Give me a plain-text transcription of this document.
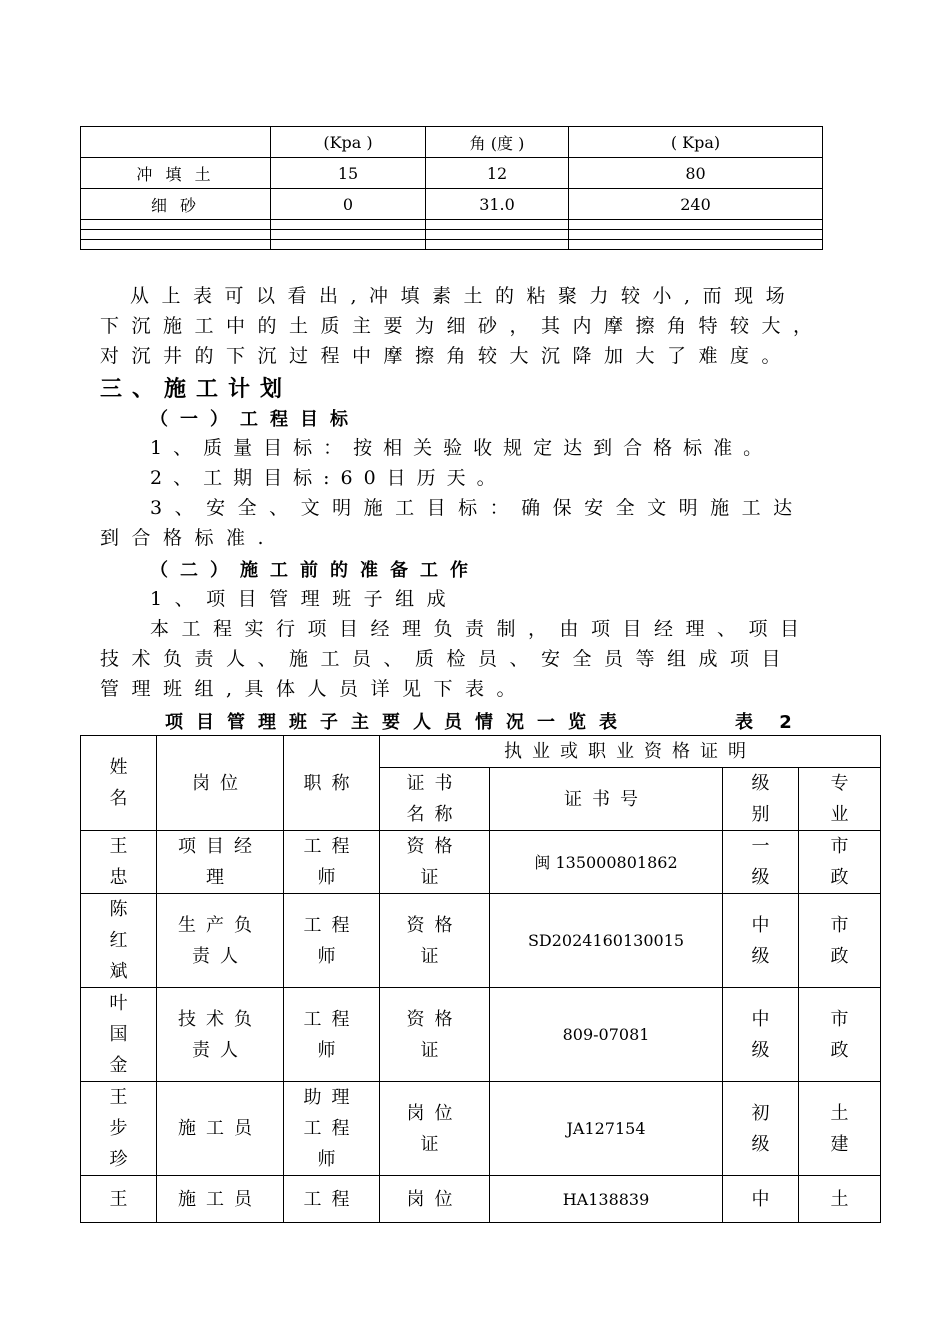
	(Kpa )	角 (度 )	( Kpa)
冲 填 土	15	12	80
细 砂	0	31.0	240

从上表可以看出,冲填素土的粘聚力较小,而现场
下沉施工中的土质主要为细砂，其内摩擦角特较大，
对沉井的下沉过程中摩擦角较大沉降加大了难度。
三、施工计划
（一）工程目标
1、质量目标：按相关验收规定达到合格标准。
2、工期目标:60日历天。
3、安全、文明施工目标：确保安全文明施工达
到合格标准.
（二）施工前的准备工作
1、项目管理班子组成
本工程实行项目经理负责制，由项目经理、项目
技术负责人、施工员、质检员、安全员等组成项目
管理班组,具体人员详见下表。
项目管理班子主要人员情况一览表	表 2
姓名	岗位	职称	执业或职业资格证明			
			证书名称	证书号	级别	专业
王忠	项目经理	工程师	资格证	闽 135000801862	一级	市政
陈红斌	生产负责人	工程师	资格证	SD2024160130015	中级	市政
叶国金	技术负责人	工程师	资格证	809-07081	中级	市政
王步珍	施工员	助理工程师	岗位证	JA127154	初级	土建
王	施工员	工程	岗位	HA138839	中	土
